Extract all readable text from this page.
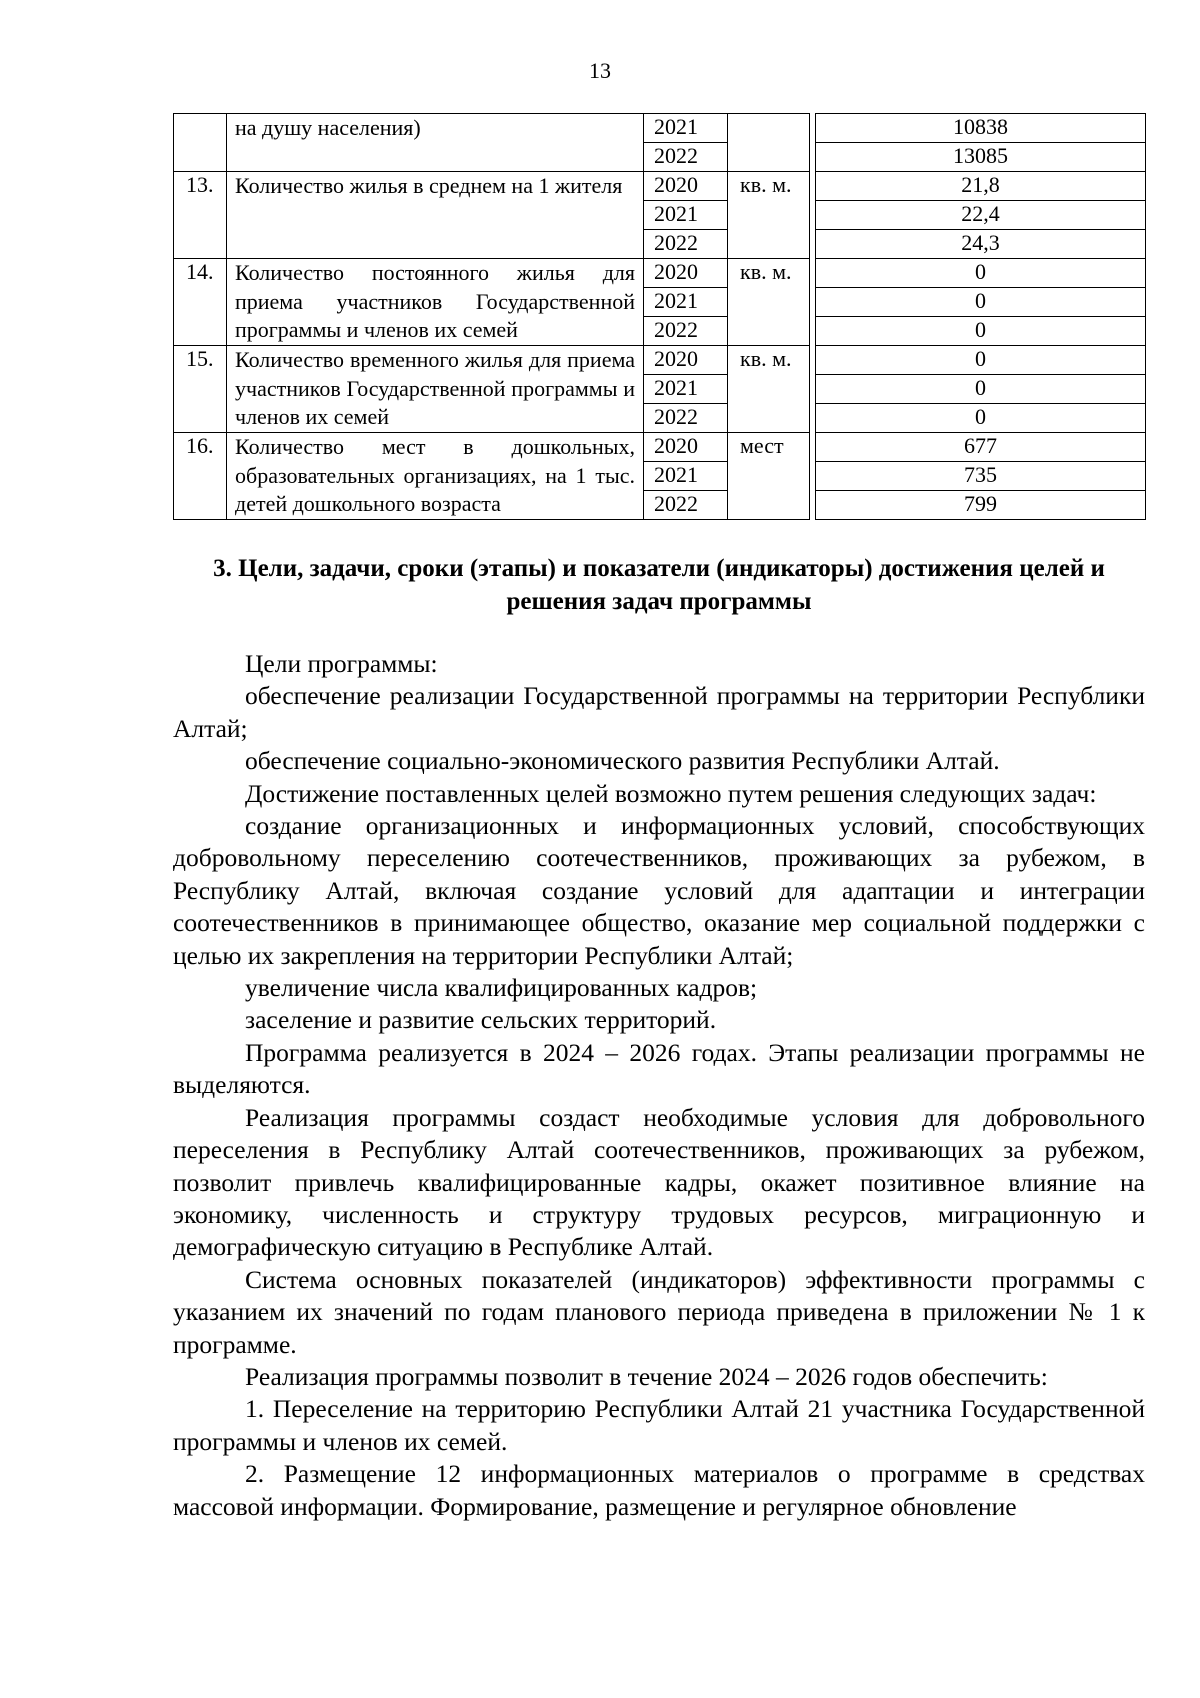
13
	на душу населения)	2021			10838
		2022			13085
13.	Количество жилья в среднем на 1 жителя	2020	кв. м.		21,8
		2021			22,4
		2022			24,3
14.	Количество постоянного жилья для приема участников Государственной программы и членов их семей	2020	кв. м.		0
		2021			0
		2022			0
15.	Количество временного жилья для приема участников Государственной программы и членов их семей	2020	кв. м.		0
		2021			0
		2022			0
16.	Количество мест в дошкольных, образовательных организациях, на 1 тыс. детей дошкольного возраста	2020	мест		677
		2021			735
		2022			799
3. Цели, задачи, сроки (этапы) и показатели (индикаторы) достижения целей и решения задач программы

Цели программы:

обеспечение реализации Государственной программы на территории Республики Алтай;

обеспечение социально-экономического развития Республики Алтай.

Достижение поставленных целей возможно путем решения следующих задач:

создание организационных и информационных условий, способствующих добровольному переселению соотечественников, проживающих за рубежом, в Республику Алтай, включая создание условий для адаптации и интеграции соотечественников в принимающее общество, оказание мер социальной поддержки с целью их закрепления на территории Республики Алтай;

увеличение числа квалифицированных кадров;

заселение и развитие сельских территорий.

Программа реализуется в 2024 – 2026 годах. Этапы реализации программы не выделяются.

Реализация программы создаст необходимые условия для добровольного переселения в Республику Алтай соотечественников, проживающих за рубежом, позволит привлечь квалифицированные кадры, окажет позитивное влияние на экономику, численность и структуру трудовых ресурсов, миграционную и демографическую ситуацию в Республике Алтай.

Система основных показателей (индикаторов) эффективности программы с указанием их значений по годам планового периода приведена в приложении № 1 к программе.

Реализация программы позволит в течение 2024 – 2026 годов обеспечить:

1. Переселение на территорию Республики Алтай 21 участника Государственной программы и членов их семей.

2. Размещение 12 информационных материалов о программе в средствах массовой информации. Формирование, размещение и регулярное обновление
